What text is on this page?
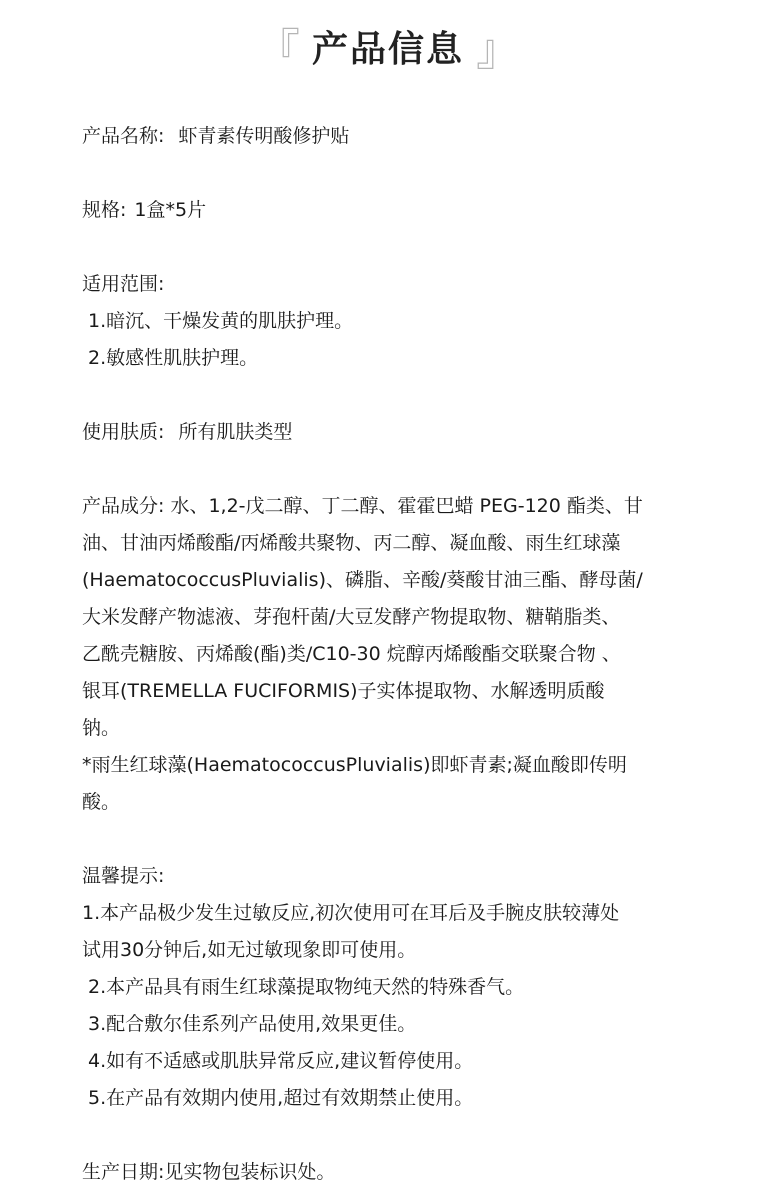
『 产品信息 』
产品名称: 虾青素传明酸修护贴
规格: 1盒*5片
适用范围:
1.暗沉、干燥发黄的肌肤护理。
2.敏感性肌肤护理。
使用肤质: 所有肌肤类型
产品成分: 水、1,2-戊二醇、丁二醇、霍霍巴蜡 PEG-120 酯类、甘
油、甘油丙烯酸酯/丙烯酸共聚物、丙二醇、凝血酸、雨生红球藻
(HaematococcusPluvialis)、磷脂、辛酸/葵酸甘油三酯、酵母菌/
大米发酵产物滤液、芽孢杆菌/大豆发酵产物提取物、糖鞘脂类、
乙酰壳糖胺、丙烯酸(酯)类/C10-30 烷醇丙烯酸酯交联聚合物 、
银耳(TREMELLA FUCIFORMIS)子实体提取物、水解透明质酸
钠。
*雨生红球藻(HaematococcusPluvialis)即虾青素;凝血酸即传明
酸。
温馨提示:
1.本产品极少发生过敏反应,初次使用可在耳后及手腕皮肤较薄处
试用30分钟后,如无过敏现象即可使用。
2.本产品具有雨生红球藻提取物纯天然的特殊香气。
3.配合敷尔佳系列产品使用,效果更佳。
4.如有不适感或肌肤异常反应,建议暂停使用。
5.在产品有效期内使用,超过有效期禁止使用。
生产日期:见实物包装标识处。
